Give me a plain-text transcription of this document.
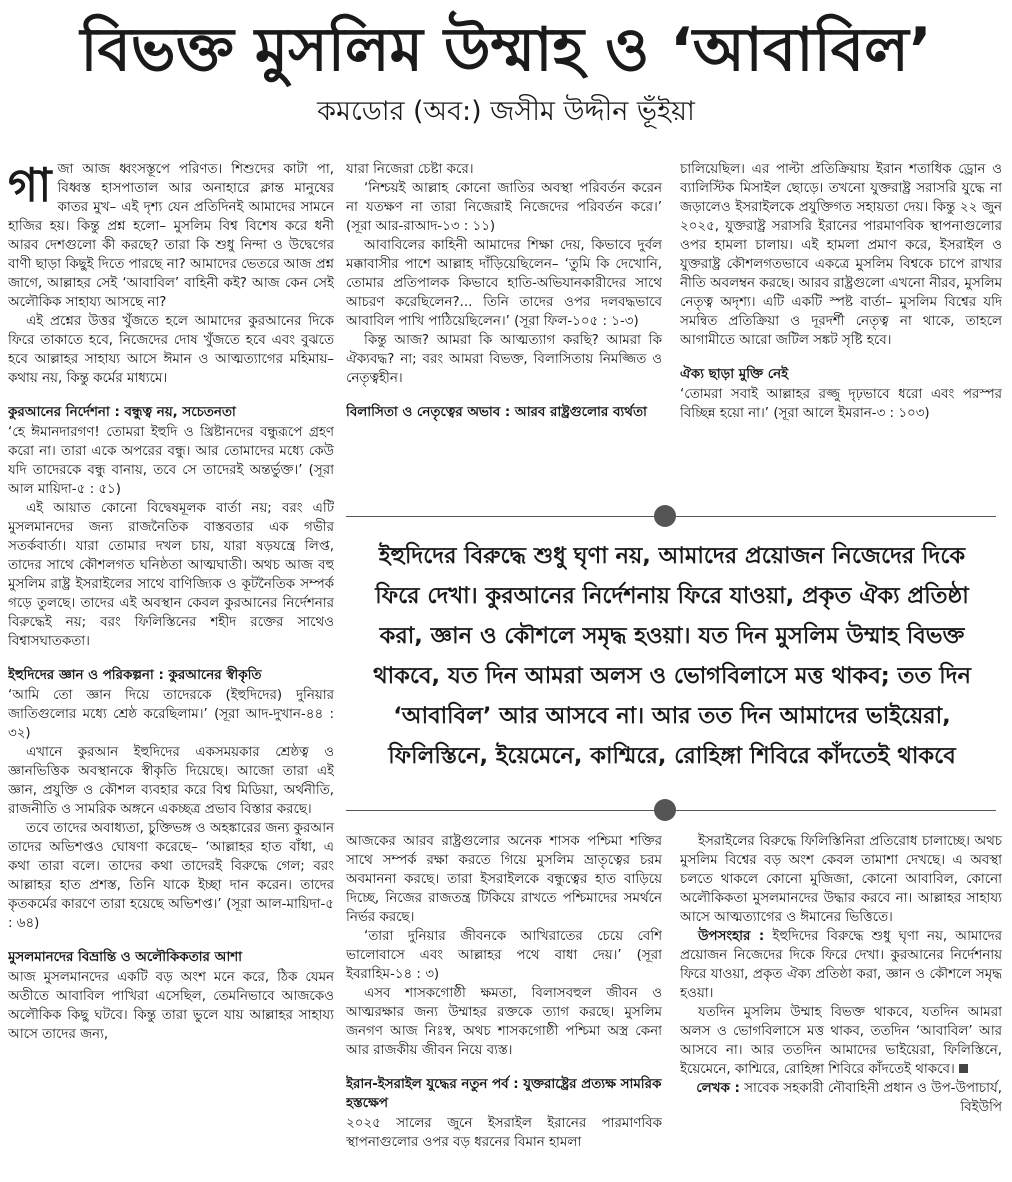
বিভক্ত মুসলিম উম্মাহ ও ‘আবাবিল’
কমডোর (অব:) জসীম উদ্দীন ভূঁইয়া

গাজা আজ ধ্বংসস্তূপে পরিণত। শিশুদের কাটা পা, বিধ্বস্ত হাসপাতাল আর অনাহারে ক্লান্ত মানুষের কাতর মুখ– এই দৃশ্য যেন প্রতিদিনই আমাদের সামনে হাজির হয়। কিন্তু প্রশ্ন হলো– মুসলিম বিশ্ব বিশেষ করে ধনী আরব দেশগুলো কী করছে? তারা কি শুধু নিন্দা ও উদ্বেগের বাণী ছাড়া কিছুই দিতে পারছে না? আমাদের ভেতরে আজ প্রশ্ন জাগে, আল্লাহর সেই ‘আবাবিল’ বাহিনী কই? আজ কেন সেই অলৌকিক সাহায্য আসছে না?

এই প্রশ্নের উত্তর খুঁজতে হলে আমাদের কুরআনের দিকে ফিরে তাকাতে হবে, নিজেদের দোষ খুঁজতে হবে এবং বুঝতে হবে আল্লাহর সাহায্য আসে ঈমান ও আত্মত্যাগের মহিমায়– কথায় নয়, কিন্তু কর্মের মাধ্যমে।

কুরআনের নির্দেশনা : বন্ধুত্ব নয়, সচেতনতা

‘হে ঈমানদারগণ! তোমরা ইহুদি ও খ্রিষ্টানদের বন্ধুরূপে গ্রহণ করো না। তারা একে অপরের বন্ধু। আর তোমাদের মধ্যে কেউ যদি তাদেরকে বন্ধু বানায়, তবে সে তাদেরই অন্তর্ভুক্ত।’ (সূরা আল মায়িদা-৫ : ৫১)

এই আয়াত কোনো বিদ্বেষমূলক বার্তা নয়; বরং এটি মুসলমানদের জন্য রাজনৈতিক বাস্তবতার এক গভীর সতর্কবার্তা। যারা তোমার দখল চায়, যারা ষড়যন্ত্রে লিপ্ত, তাদের সাথে কৌশলগত ঘনিষ্ঠতা আত্মঘাতী। অথচ আজ বহু মুসলিম রাষ্ট্র ইসরাইলের সাথে বাণিজ্যিক ও কূটনৈতিক সম্পর্ক গড়ে তুলছে। তাদের এই অবস্থান কেবল কুরআনের নির্দেশনার বিরুদ্ধেই নয়; বরং ফিলিস্তিনের শহীদ রক্তের সাথেও বিশ্বাসঘাতকতা।

ইহুদিদের জ্ঞান ও পরিকল্পনা : কুরআনের স্বীকৃতি

‘আমি তো জ্ঞান দিয়ে তাদেরকে (ইহুদিদের) দুনিয়ার জাতিগুলোর মধ্যে শ্রেষ্ঠ করেছিলাম।’ (সূরা আদ-দুখান-৪৪ : ৩২)

এখানে কুরআন ইহুদিদের একসময়কার শ্রেষ্ঠত্ব ও জ্ঞানভিত্তিক অবস্থানকে স্বীকৃতি দিয়েছে। আজো তারা এই জ্ঞান, প্রযুক্তি ও কৌশল ব্যবহার করে বিশ্ব মিডিয়া, অর্থনীতি, রাজনীতি ও সামরিক অঙ্গনে একচ্ছত্র প্রভাব বিস্তার করছে।

তবে তাদের অবাধ্যতা, চুক্তিভঙ্গ ও অহঙ্কারের জন্য কুরআন তাদের অভিশপ্তও ঘোষণা করেছে– ‘আল্লাহর হাত বাঁধা, এ কথা তারা বলে। তাদের কথা তাদেরই বিরুদ্ধে গেল; বরং আল্লাহর হাত প্রশস্ত, তিনি যাকে ইচ্ছা দান করেন। তাদের কৃতকর্মের কারণে তারা হয়েছে অভিশপ্ত।’ (সূরা আল-মায়িদা-৫ : ৬৪)

মুসলমানদের বিভ্রান্তি ও অলৌকিকতার আশা

আজ মুসলমানদের একটি বড় অংশ মনে করে, ঠিক যেমন অতীতে আবাবিল পাখিরা এসেছিল, তেমনিভাবে আজকেও অলৌকিক কিছু ঘটবে। কিন্তু তারা ভুলে যায় আল্লাহর সাহায্য আসে তাদের জন্য,

যারা নিজেরা চেষ্টা করে।

‘নিশ্চয়ই আল্লাহ কোনো জাতির অবস্থা পরিবর্তন করেন না যতক্ষণ না তারা নিজেরাই নিজেদের পরিবর্তন করে।’ (সূরা আর-রাআদ-১৩ : ১১)

আবাবিলের কাহিনী আমাদের শিক্ষা দেয়, কিভাবে দুর্বল মক্কাবাসীর পাশে আল্লাহ দাঁড়িয়েছিলেন– ‘তুমি কি দেখোনি, তোমার প্রতিপালক কিভাবে হাতি-অভিযানকারীদের সাথে আচরণ করেছিলেন?... তিনি তাদের ওপর দলবদ্ধভাবে আবাবিল পাখি পাঠিয়েছিলেন।’ (সূরা ফিল-১০৫ : ১-৩)

কিন্তু আজ? আমরা কি আত্মত্যাগ করছি? আমরা কি ঐক্যবদ্ধ? না; বরং আমরা বিভক্ত, বিলাসিতায় নিমজ্জিত ও নেতৃত্বহীন।

বিলাসিতা ও নেতৃত্বের অভাব : আরব রাষ্ট্রগুলোর ব্যর্থতা

চালিয়েছিল। এর পাল্টা প্রতিক্রিয়ায় ইরান শতাধিক ড্রোন ও ব্যালিস্টিক মিসাইল ছোড়ে। তখনো যুক্তরাষ্ট্র সরাসরি যুদ্ধে না জড়ালেও ইসরাইলকে প্রযুক্তিগত সহায়তা দেয়। কিন্তু ২২ জুন ২০২৫, যুক্তরাষ্ট্র সরাসরি ইরানের পারমাণবিক স্থাপনাগুলোর ওপর হামলা চালায়। এই হামলা প্রমাণ করে, ইসরাইল ও যুক্তরাষ্ট্র কৌশলগতভাবে একত্রে মুসলিম বিশ্বকে চাপে রাখার নীতি অবলম্বন করছে। আরব রাষ্ট্রগুলো এখনো নীরব, মুসলিম নেতৃত্ব অদৃশ্য। এটি একটি স্পষ্ট বার্তা– মুসলিম বিশ্বের যদি সমন্বিত প্রতিক্রিয়া ও দূরদর্শী নেতৃত্ব না থাকে, তাহলে আগামীতে আরো জটিল সঙ্কট সৃষ্টি হবে।

ঐক্য ছাড়া মুক্তি নেই

‘তোমরা সবাই আল্লাহর রজ্জু দৃঢ়ভাবে ধরো এবং পরস্পর বিচ্ছিন্ন হয়ো না।’ (সূরা আলে ইমরান-৩ : ১০৩)

ইহুদিদের বিরুদ্ধে শুধু ঘৃণা নয়, আমাদের প্রয়োজন নিজেদের দিকে ফিরে দেখা। কুরআনের নির্দেশনায় ফিরে যাওয়া, প্রকৃত ঐক্য প্রতিষ্ঠা করা, জ্ঞান ও কৌশলে সমৃদ্ধ হওয়া। যত দিন মুসলিম উম্মাহ বিভক্ত থাকবে, যত দিন আমরা অলস ও ভোগবিলাসে মত্ত থাকব; তত দিন ‘আবাবিল’ আর আসবে না। আর তত দিন আমাদের ভাইয়েরা, ফিলিস্তিনে, ইয়েমেনে, কাশ্মিরে, রোহিঙ্গা শিবিরে কাঁদতেই থাকবে

আজকের আরব রাষ্ট্রগুলোর অনেক শাসক পশ্চিমা শক্তির সাথে সম্পর্ক রক্ষা করতে গিয়ে মুসলিম ভ্রাতৃত্বের চরম অবমাননা করছে। তারা ইসরাইলকে বন্ধুত্বের হাত বাড়িয়ে দিচ্ছে, নিজের রাজতন্ত্র টিকিয়ে রাখতে পশ্চিমাদের সমর্থনে নির্ভর করছে।

‘তারা দুনিয়ার জীবনকে আখিরাতের চেয়ে বেশি ভালোবাসে এবং আল্লাহর পথে বাধা দেয়।’ (সূরা ইবরাহিম-১৪ : ৩)

এসব শাসকগোষ্ঠী ক্ষমতা, বিলাসবহুল জীবন ও আত্মরক্ষার জন্য উম্মাহর রক্তকে ত্যাগ করছে। মুসলিম জনগণ আজ নিঃস্ব, অথচ শাসকগোষ্ঠী পশ্চিমা অস্ত্র কেনা আর রাজকীয় জীবন নিয়ে ব্যস্ত।

ইরান-ইসরাইল যুদ্ধের নতুন পর্ব : যুক্তরাষ্ট্রের প্রত্যক্ষ সামরিক হস্তক্ষেপ

২০২৫ সালের জুনে ইসরাইল ইরানের পারমাণবিক স্থাপনাগুলোর ওপর বড় ধরনের বিমান হামলা

ইসরাইলের বিরুদ্ধে ফিলিস্তিনিরা প্রতিরোধ চালাচ্ছে। অথচ মুসলিম বিশ্বের বড় অংশ কেবল তামাশা দেখছে। এ অবস্থা চলতে থাকলে কোনো মুজিজা, কোনো আবাবিল, কোনো অলৌকিকতা মুসলমানদের উদ্ধার করবে না। আল্লাহর সাহায্য আসে আত্মত্যাগের ও ঈমানের ভিত্তিতে।

উপসংহার : ইহুদিদের বিরুদ্ধে শুধু ঘৃণা নয়, আমাদের প্রয়োজন নিজেদের দিকে ফিরে দেখা। কুরআনের নির্দেশনায় ফিরে যাওয়া, প্রকৃত ঐক্য প্রতিষ্ঠা করা, জ্ঞান ও কৌশলে সমৃদ্ধ হওয়া।

যতদিন মুসলিম উম্মাহ বিভক্ত থাকবে, যতদিন আমরা অলস ও ভোগবিলাসে মত্ত থাকব, ততদিন ‘আবাবিল’ আর আসবে না। আর ততদিন আমাদের ভাইয়েরা, ফিলিস্তিনে, ইয়েমেনে, কাশ্মিরে, রোহিঙ্গা শিবিরে কাঁদতেই থাকবে।

লেখক : সাবেক সহকারী নৌবাহিনী প্রধান ও উপ-উপাচার্য, বিইউপি
